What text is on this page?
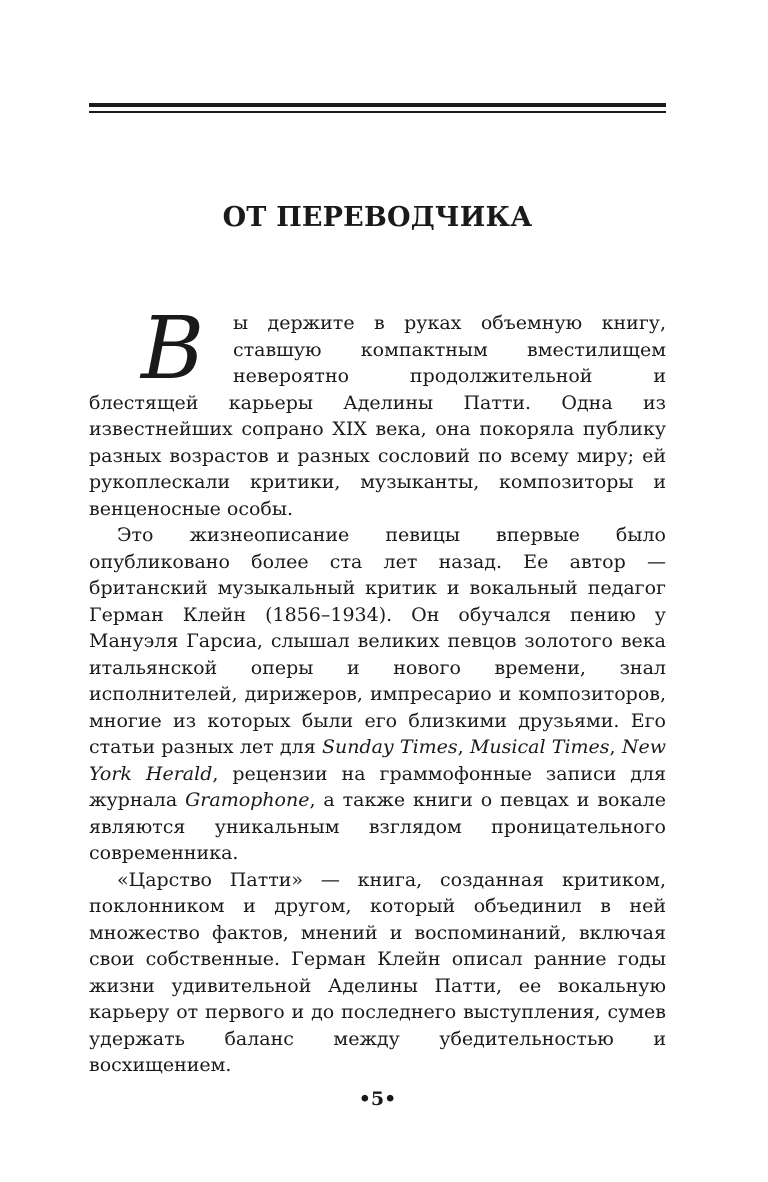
ОТ ПЕРЕВОДЧИКА

В	ы держите в руках объемную книгу, ставшую компактным вместилищем невероятно продолжительной и блестящей карьеры Аделины Патти. Одна из известнейших сопрано XIX века, она покоряла публику разных возрастов и разных сословий по всему миру; ей рукоплескали критики, музыканты, композиторы и венценосные особы.

Это жизнеописание певицы впервые было опубликовано более ста лет назад. Ее автор — британский музыкальный критик и вокальный педагог Герман Клейн (1856–1934). Он обучался пению у Мануэля Гарсиа, слышал великих певцов золотого века итальянской оперы и нового времени, знал исполнителей, дирижеров, импресарио и композиторов, многие из которых были его близкими друзьями. Его статьи разных лет для Sunday Times, Musical Times, New York Herald, рецензии на граммофонные записи для журнала Gramophone, а также книги о певцах и вокале являются уникальным взглядом проницательного современника.

«Царство Патти» — книга, созданная критиком, поклонником и другом, который объединил в ней множество фактов, мнений и воспоминаний, включая свои собственные. Герман Клейн описал ранние годы жизни удивительной Аделины Патти, ее вокальную карьеру от первого и до последнего выступления, сумев удержать баланс между убедительностью и восхищением.

•5•
